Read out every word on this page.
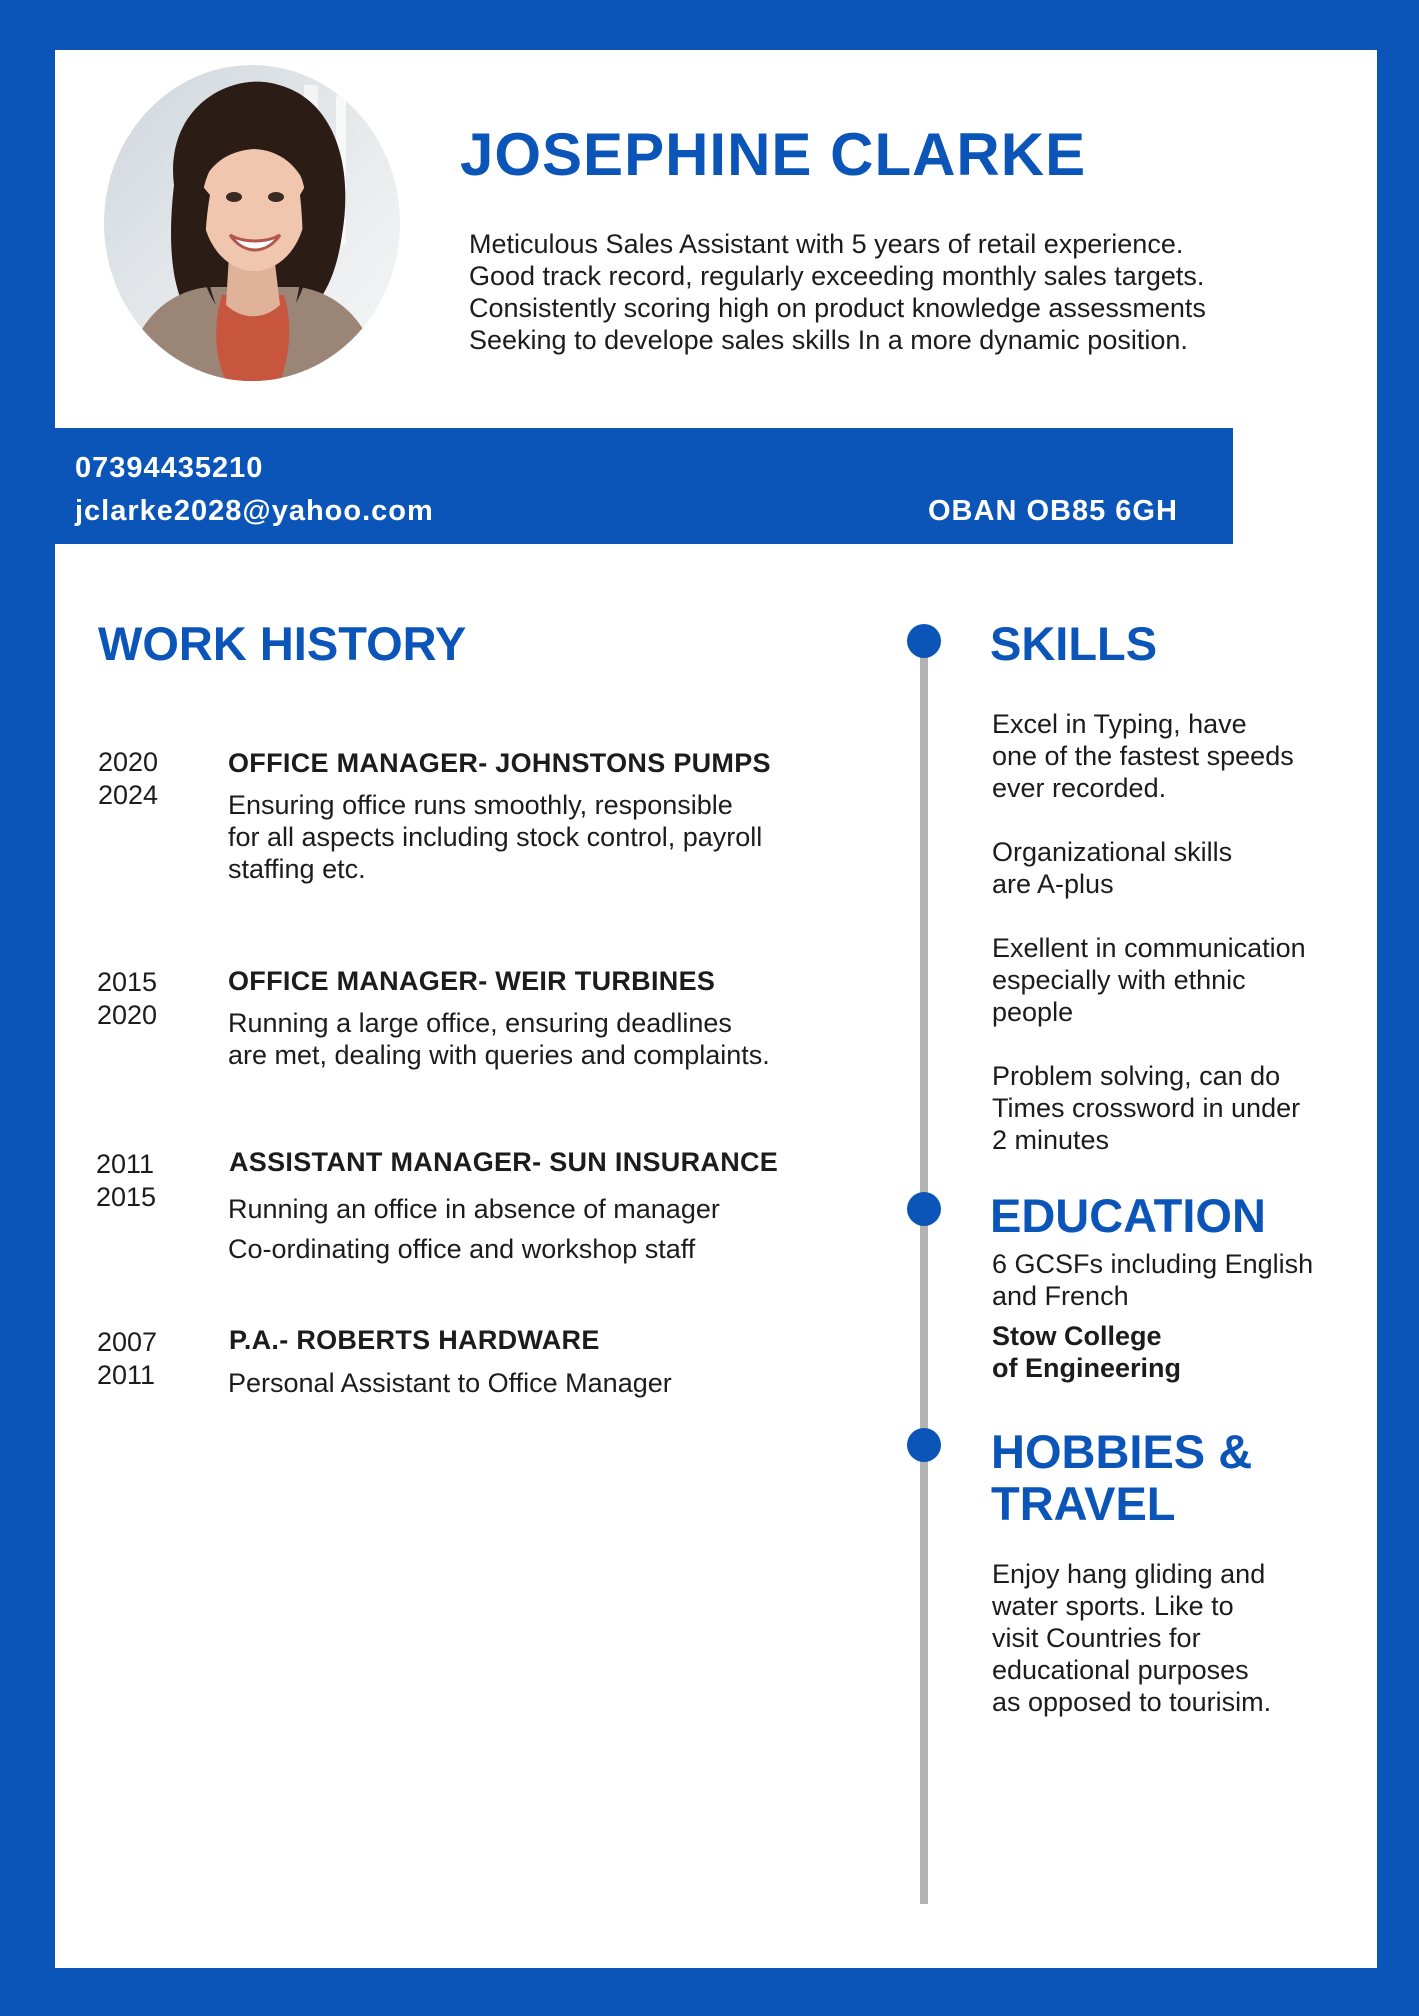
JOSEPHINE CLARKE
Meticulous Sales Assistant with 5 years of retail experience.
Good track record, regularly exceeding monthly sales targets.
Consistently scoring high on product knowledge assessments
Seeking to develope sales skills In a more dynamic position.
07394435210
jclarke2028@yahoo.com	OBAN OB85 6GH
WORK HISTORY
2020
2024
OFFICE MANAGER- JOHNSTONS PUMPS
Ensuring office runs smoothly, responsible
for all aspects including stock control, payroll
staffing etc.
2015
2020
OFFICE MANAGER- WEIR TURBINES
Running a large office, ensuring deadlines
are met, dealing with queries and complaints.
2011
2015
ASSISTANT MANAGER- SUN INSURANCE
Running an office in absence of manager
Co-ordinating office and workshop staff
2007
2011
P.A.- ROBERTS HARDWARE
Personal Assistant to Office Manager
SKILLS
Excel in Typing, have
one of the fastest speeds
ever recorded.
Organizational skills
are A-plus
Exellent in communication
especially with ethnic
people
Problem solving, can do
Times crossword in under
2 minutes
EDUCATION
6 GCSFs including English
and French
Stow College
of Engineering
HOBBIES &
TRAVEL
Enjoy hang gliding and
water sports. Like to
visit Countries for
educational purposes
as opposed to tourisim.
